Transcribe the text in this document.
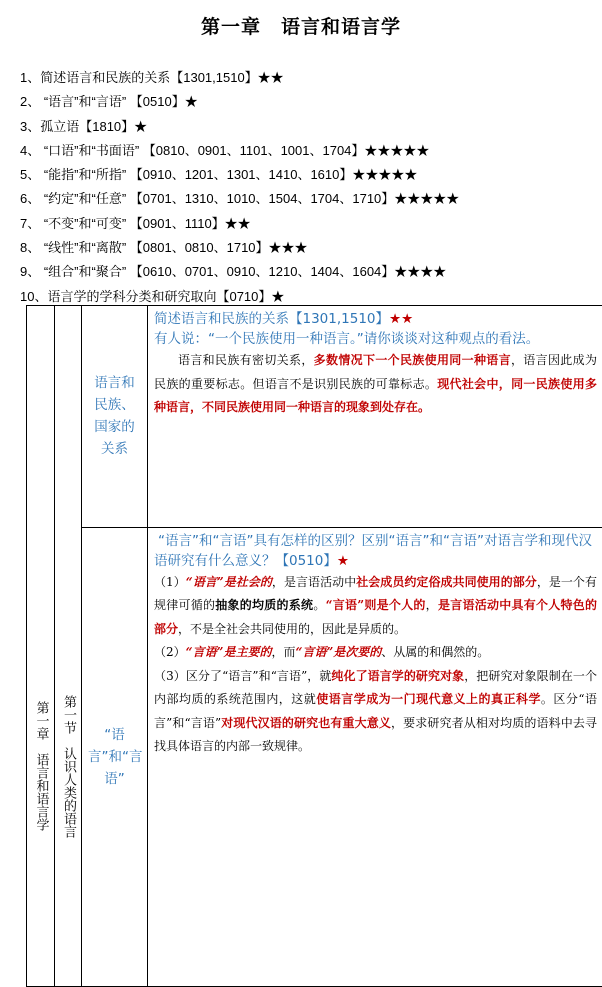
第一章　语言和语言学
1、简述语言和民族的关系【1301,1510】★★
2、 “语言”和“言语” 【0510】★
3、孤立语【1810】★
4、 “口语”和“书面语” 【0810、0901、1101、1001、1704】★★★★★
5、 “能指”和“所指” 【0910、1201、1301、1410、1610】★★★★★
6、 “约定”和“任意” 【0701、1310、1010、1504、1704、1710】★★★★★
7、 “不变”和“可变” 【0901、1110】★★
8、 “线性”和“离散” 【0801、0810、1710】★★★
9、 “组合”和“聚合” 【0610、0701、0910、1210、1404、1604】★★★★
10、语言学的学科分类和研究取向【0710】★
第一章　语言和语言学	第一节　认识人类的语言	语言和民族、国家的关系	简述语言和民族的关系【1301,1510】★★
有人说：“一个民族使用一种语言。”请你谈谈对这种观点的看法。
语言和民族有密切关系，多数情况下一个民族使用同一种语言，语言因此成为民族的重要标志。但语言不是识别民族的可靠标志。现代社会中，同一民族使用多种语言，不同民族使用同一种语言的现象到处存在。

		“语言”和“言语”	“语言”和“言语”具有怎样的区别？区别“语言”和“言语”对语言学和现代汉语研究有什么意义？【0510】★
（1）“语言”是社会的，是言语活动中社会成员约定俗成共同使用的部分，是一个有规律可循的抽象的均质的系统。“言语”则是个人的，是言语活动中具有个人特色的部分，不是全社会共同使用的，因此是异质的。
（2）“言语”是主要的，而“言语”是次要的、从属的和偶然的。
（3）区分了“语言”和“言语”，就纯化了语言学的研究对象，把研究对象限制在一个内部均质的系统范围内，这就使语言学成为一门现代意义上的真正科学。区分“语言”和“言语”对现代汉语的研究也有重大意义，要求研究者从相对均质的语料中去寻找具体语言的内部一致规律。
